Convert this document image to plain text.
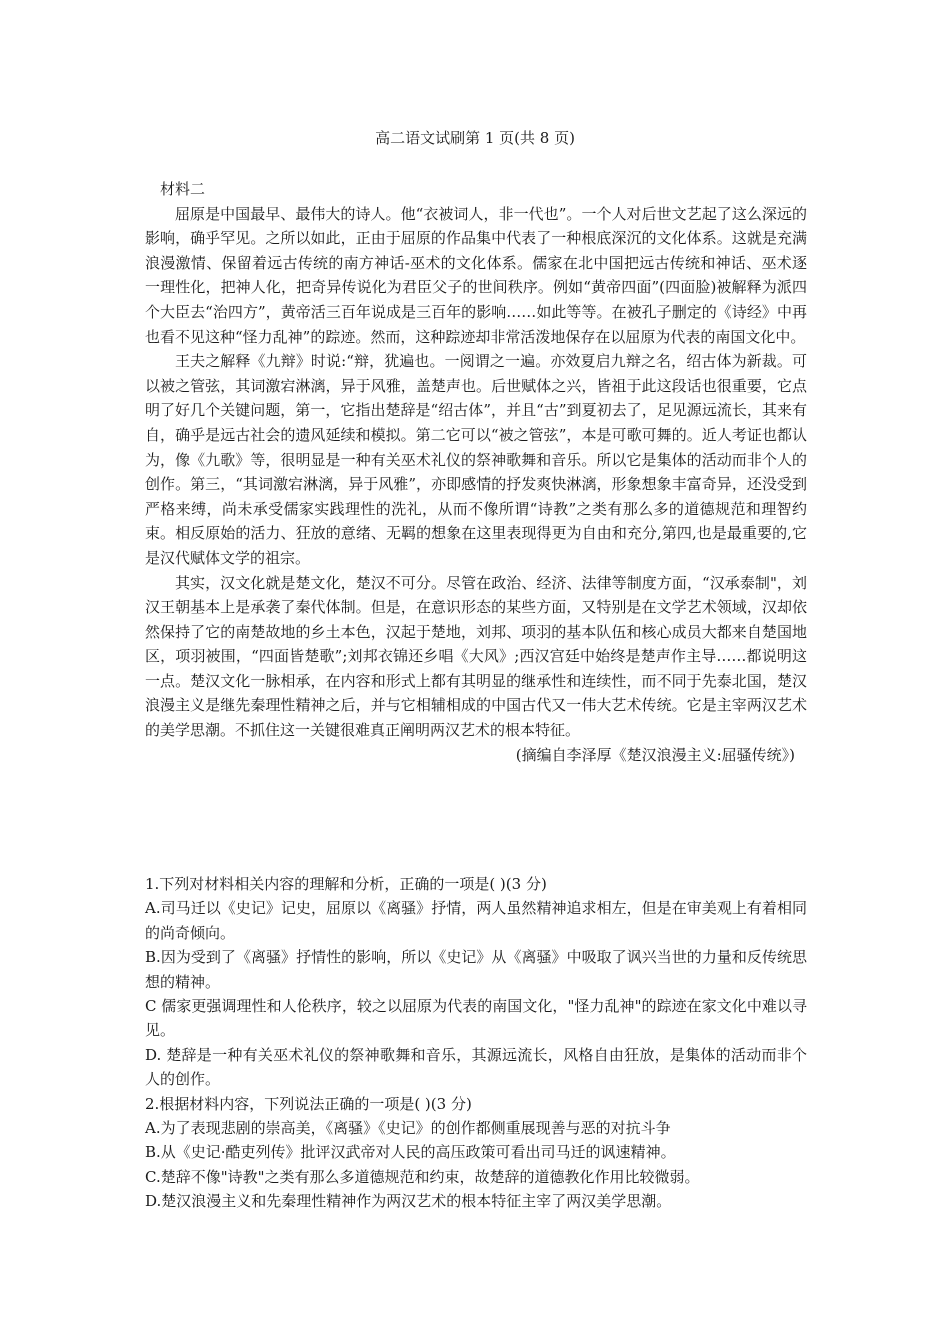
高二语文试刷第 1 页(共 8 页)
材料二

屈原是中国最早、最伟大的诗人。他“衣被词人，非一代也”。一个人对后世文艺起了这么深远的影响，确乎罕见。之所以如此，正由于屈原的作品集中代表了一种根底深沉的文化体系。这就是充满浪漫激情、保留着远古传统的南方神话-巫术的文化体系。儒家在北中国把远古传统和神话、巫术逐一理性化，把神人化，把奇异传说化为君臣父子的世间秩序。例如“黄帝四面”(四面脸)被解释为派四个大臣去“治四方”，黄帝活三百年说成是三百年的影响……如此等等。在被孔子删定的《诗经》中再也看不见这种“怪力乱神”的踪迹。然而，这种踪迹却非常活泼地保存在以屈原为代表的南国文化中。

王夫之解释《九辩》时说:“辩，犹遍也。一阅谓之一遍。亦效夏启九辩之名，绍古体为新裁。可以被之管弦，其词激宕淋漓，异于风雅，盖楚声也。后世赋体之兴，皆祖于此这段话也很重要，它点明了好几个关键问题，第一，它指出楚辞是“绍古体”，并且“古”到夏初去了，足见源远流长，其来有自，确乎是远古社会的遗风延续和模拟。第二它可以“被之管弦”，本是可歌可舞的。近人考证也都认为，像《九歌》等，很明显是一种有关巫术礼仪的祭神歌舞和音乐。所以它是集体的活动而非个人的创作。第三，“其词激宕淋漓，异于风雅”，亦即感情的抒发爽快淋漓，形象想象丰富奇异，还没受到严格来缚，尚未承受儒家实践理性的洗礼，从而不像所谓“诗教”之类有那么多的道德规范和理智约束。相反原始的活力、狂放的意绪、无羁的想象在这里表现得更为自由和充分,第四,也是最重要的,它是汉代赋体文学的祖宗。

其实，汉文化就是楚文化，楚汉不可分。尽管在政治、经济、法律等制度方面，“汉承泰制"，刘汉王朝基本上是承袭了秦代体制。但是，在意识形态的某些方面，又特别是在文学艺术领域，汉却依然保持了它的南楚故地的乡土本色，汉起于楚地，刘邦、项羽的基本队伍和核心成员大都来自楚国地区，项羽被围，“四面皆楚歌”;刘邦衣锦还乡唱《大风》;西汉宫廷中始终是楚声作主导……都说明这一点。楚汉文化一脉相承，在内容和形式上都有其明显的继承性和连续性，而不同于先泰北国，楚汉浪漫主义是继先秦理性精神之后，并与它相辅相成的中国古代又一伟大艺术传统。它是主宰两汉艺术的美学思潮。不抓住这一关键很难真正阐明两汉艺术的根本特征。

(摘编自李泽厚《楚汉浪漫主义:屈骚传统》)

1.下列对材料相关内容的理解和分析，正确的一项是( )(3 分)

A.司马迁以《史记》记史，屈原以《离骚》抒情，两人虽然精神追求相左，但是在审美观上有着相同的尚奇倾向。

B.因为受到了《离骚》抒情性的影响，所以《史记》从《离骚》中吸取了讽兴当世的力量和反传统思想的精神。

C 儒家更强调理性和人伦秩序，较之以屈原为代表的南国文化，"怪力乱神"的踪迹在家文化中难以寻见。

D. 楚辞是一种有关巫术礼仪的祭神歌舞和音乐，其源远流长，风格自由狂放，是集体的活动而非个人的创作。

2.根据材料内容，下列说法正确的一项是( )(3 分)

A.为了表现悲剧的崇高美，《离骚》《史记》的创作都侧重展现善与恶的对抗斗争

B.从《史记·酷吏列传》批评汉武帝对人民的高压政策可看出司马迁的讽速精神。

C.楚辞不像"诗教"之类有那么多道德规范和约束，故楚辞的道德教化作用比较微弱。

D.楚汉浪漫主义和先秦理性精神作为两汉艺术的根本特征主宰了两汉美学思潮。
